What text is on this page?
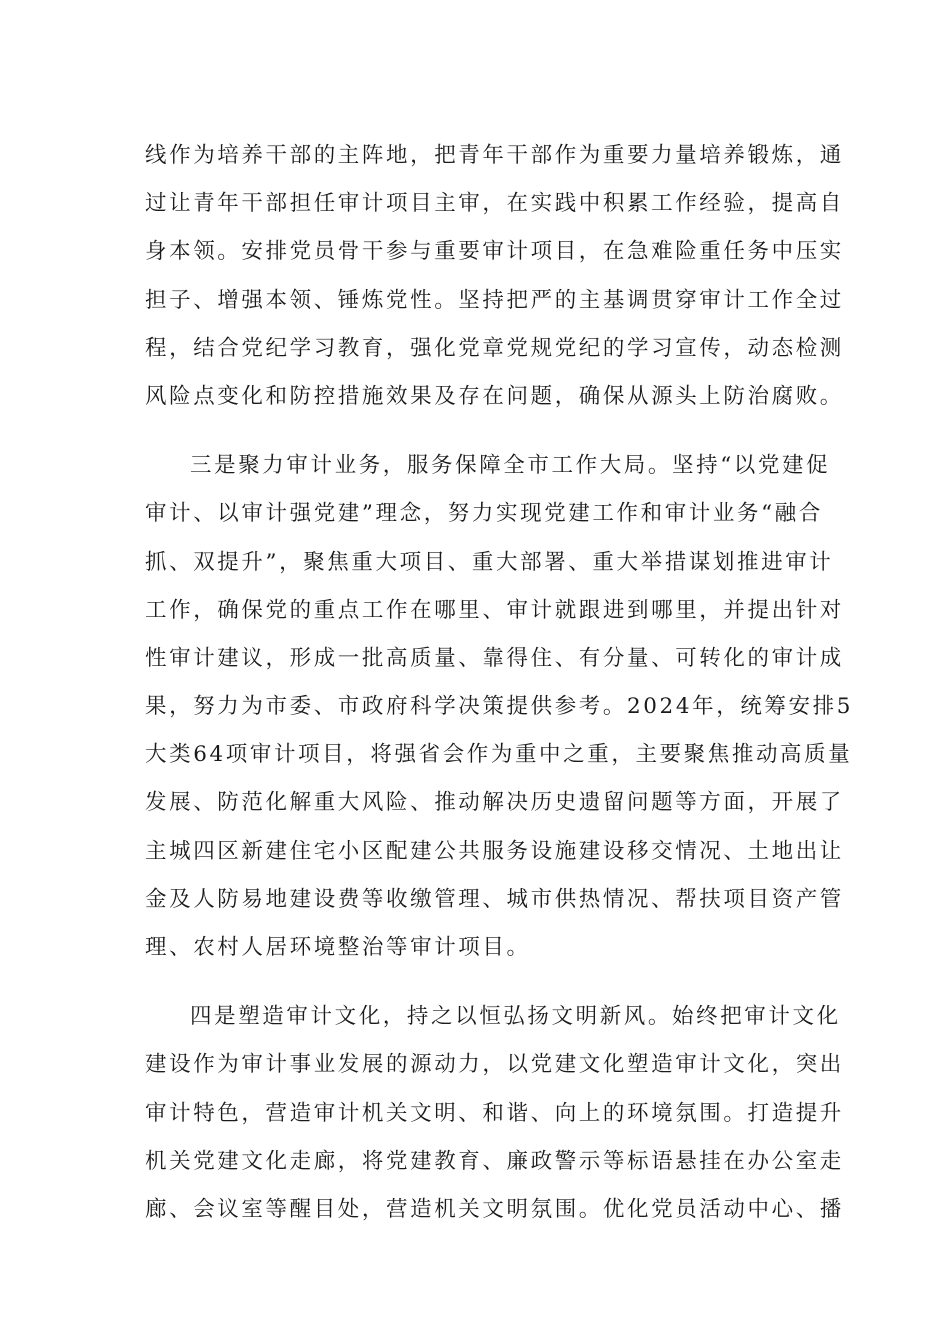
线作为培养干部的主阵地，把青年干部作为重要力量培养锻炼，通
过让青年干部担任审计项目主审，在实践中积累工作经验，提高自
身本领。安排党员骨干参与重要审计项目，在急难险重任务中压实
担子、增强本领、锤炼党性。坚持把严的主基调贯穿审计工作全过
程，结合党纪学习教育，强化党章党规党纪的学习宣传，动态检测
风险点变化和防控措施效果及存在问题，确保从源头上防治腐败。
三是聚力审计业务，服务保障全市工作大局。坚持“以党建促
审计、以审计强党建”理念，努力实现党建工作和审计业务“融合
抓、双提升”，聚焦重大项目、重大部署、重大举措谋划推进审计
工作，确保党的重点工作在哪里、审计就跟进到哪里，并提出针对
性审计建议，形成一批高质量、靠得住、有分量、可转化的审计成
果，努力为市委、市政府科学决策提供参考。2024年，统筹安排5
大类64项审计项目，将强省会作为重中之重，主要聚焦推动高质量
发展、防范化解重大风险、推动解决历史遗留问题等方面，开展了
主城四区新建住宅小区配建公共服务设施建设移交情况、土地出让
金及人防易地建设费等收缴管理、城市供热情况、帮扶项目资产管
理、农村人居环境整治等审计项目。
四是塑造审计文化，持之以恒弘扬文明新风。始终把审计文化
建设作为审计事业发展的源动力，以党建文化塑造审计文化，突出
审计特色，营造审计机关文明、和谐、向上的环境氛围。打造提升
机关党建文化走廊，将党建教育、廉政警示等标语悬挂在办公室走
廊、会议室等醒目处，营造机关文明氛围。优化党员活动中心、播
